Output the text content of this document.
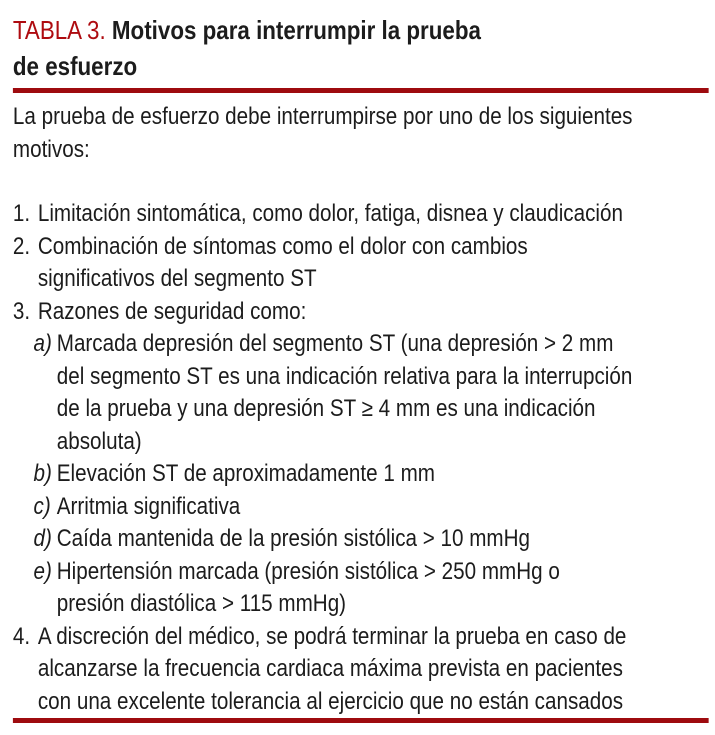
TABLA 3. Motivos para interrumpir la prueba
de esfuerzo
La prueba de esfuerzo debe interrumpirse por uno de los siguientes
motivos:
1. Limitación sintomática, como dolor, fatiga, disnea y claudicación
2. Combinación de síntomas como el dolor con cambios
significativos del segmento ST
3. Razones de seguridad como:
a) Marcada depresión del segmento ST (una depresión > 2 mm
del segmento ST es una indicación relativa para la interrupción
de la prueba y una depresión ST ≥ 4 mm es una indicación
absoluta)
b) Elevación ST de aproximadamente 1 mm
c) Arritmia significativa
d) Caída mantenida de la presión sistólica > 10 mmHg
e) Hipertensión marcada (presión sistólica > 250 mmHg o
presión diastólica > 115 mmHg)
4. A discreción del médico, se podrá terminar la prueba en caso de
alcanzarse la frecuencia cardiaca máxima prevista en pacientes
con una excelente tolerancia al ejercicio que no están cansados
